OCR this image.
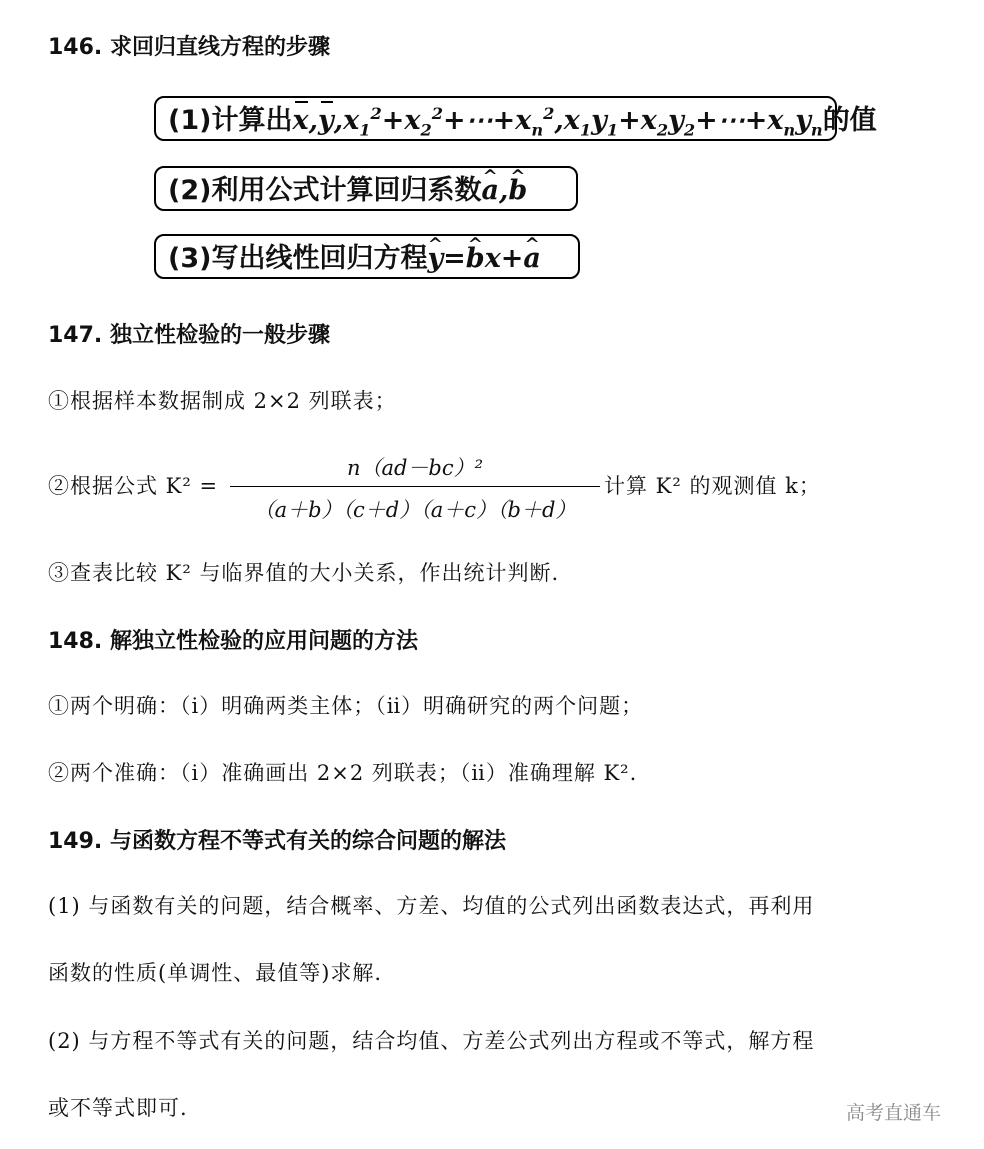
146. 求回归直线方程的步骤
(1)计算出$x,y,x_1^2+x_2^2+\cdots+x_n^2,x_1y_1+x_2y_2+\cdots+x_ny_n$的值
(2)利用公式计算回归系数^ a,^ b
(3)写出线性回归方程^ y=^ bx+^ a
147. 独立性检验的一般步骤
①根据样本数据制成 2×2 列联表；
②根据公式 K² =
n（ad－bc）²
（a＋b）（c＋d）（a＋c）（b＋d）
计算 K² 的观测值 k；
③查表比较 K² 与临界值的大小关系，作出统计判断.
148. 解独立性检验的应用问题的方法
①两个明确：（ⅰ）明确两类主体；（ⅱ）明确研究的两个问题；
②两个准确：（ⅰ）准确画出 2×2 列联表；（ⅱ）准确理解 K².
149. 与函数方程不等式有关的综合问题的解法
(1) 与函数有关的问题，结合概率、方差、均值的公式列出函数表达式，再利用
函数的性质(单调性、最值等)求解.
(2) 与方程不等式有关的问题，结合均值、方差公式列出方程或不等式，解方程
或不等式即可.	高考直通车
